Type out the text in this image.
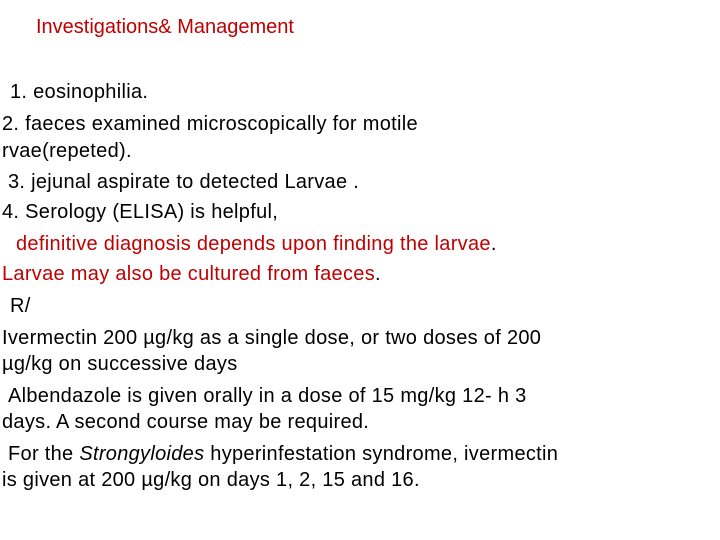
Investigations& Management
1. eosinophilia.
2. faeces examined microscopically for motile
rvae(repeted).
3. jejunal aspirate to detected Larvae .
4. Serology (ELISA) is helpful,
definitive diagnosis depends upon finding the larvae.
Larvae may also be cultured from faeces.
R/
Ivermectin 200 µg/kg as a single dose, or two doses of 200
µg/kg on successive days
Albendazole is given orally in a dose of 15 mg/kg 12- h 3
days. A second course may be required.
For the Strongyloides hyperinfestation syndrome, ivermectin
is given at 200 µg/kg on days 1, 2, 15 and 16.
